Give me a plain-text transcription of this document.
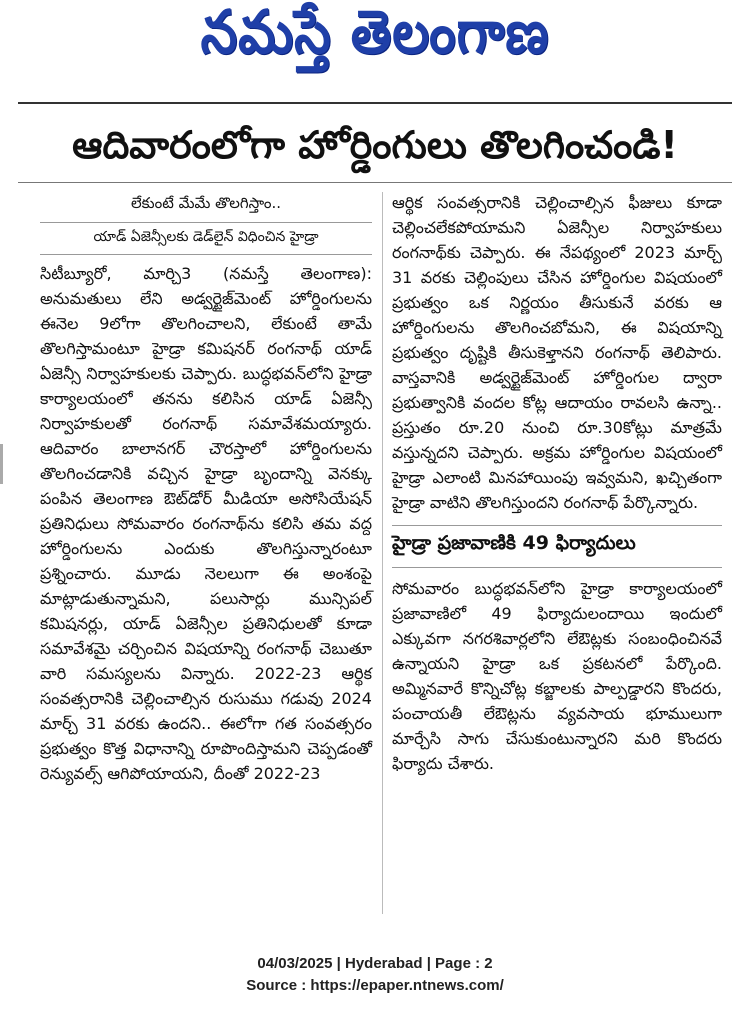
నమస్తే తెలంగాణ
ఆదివారంలోగా హోర్డింగులు తొలగించండి!
లేకుంటే మేమే తొలగిస్తాం..
యాడ్ ఏజెన్సీలకు డెడ్‌లైన్ విధించిన హైడ్రా

సిటీబ్యూరో, మార్చి3 (నమస్తే తెలంగాణ): అనుమతులు లేని అడ్వర్టైజ్‌మెంట్ హోర్డింగులను ఈనెల 9లోగా తొలగించాలని, లేకుంటే తామే తొలగిస్తామంటూ హైడ్రా కమిషనర్ రంగనాథ్ యాడ్ ఏజెన్సీ నిర్వాహకులకు చెప్పారు. బుద్ధభవన్‌లోని హైడ్రా కార్యాలయంలో తనను కలిసిన యాడ్ ఏజెన్సీ నిర్వాహకులతో రంగనాథ్ సమావేశమయ్యారు. ఆదివారం బాలానగర్ చౌరస్తాలో హోర్డింగులను తొలగించడానికి వచ్చిన హైడ్రా బృందాన్ని వెనక్కు పంపిన తెలంగాణ ఔట్‌డోర్ మీడియా అసోసియేషన్ ప్రతినిధులు సోమవారం రంగనాథ్‌ను కలిసి తమ వద్ద హోర్డింగులను ఎందుకు తొలగిస్తున్నారంటూ ప్రశ్నించారు. మూడు నెలలుగా ఈ అంశంపై మాట్లాడుతున్నామని, పలుసార్లు మున్సిపల్ కమిషనర్లు, యాడ్ ఏజెన్సీల ప్రతినిధులతో కూడా సమావేశమై చర్చించిన విషయాన్ని రంగనాథ్ చెబుతూ వారి సమస్యలను విన్నారు. 2022-23 ఆర్థిక సంవత్సరానికి చెల్లించాల్సిన రుసుము గడువు 2024 మార్చ్ 31 వరకు ఉందని.. ఈలోగా గత సంవత్సరం ప్రభుత్వం కొత్త విధానాన్ని రూపొందిస్తామని చెప్పడంతో రెన్యువల్స్ ఆగిపోయాయని, దీంతో 2022-23

ఆర్థిక సంవత్సరానికి చెల్లించాల్సిన ఫీజులు కూడా చెల్లించలేకపోయామని ఏజెన్సీల నిర్వాహకులు రంగనాథ్‌కు చెప్పారు. ఈ నేపథ్యంలో 2023 మార్చ్ 31 వరకు చెల్లింపులు చేసిన హోర్డింగుల విషయంలో ప్రభుత్వం ఒక నిర్ణయం తీసుకునే వరకు ఆ హోర్డింగులను తొలగించబోమని, ఈ విషయాన్ని ప్రభుత్వం దృష్టికి తీసుకెళ్తానని రంగనాథ్ తెలిపారు. వాస్తవానికి అడ్వర్టైజ్‌మెంట్ హోర్డింగుల ద్వారా ప్రభుత్వానికి వందల కోట్ల ఆదాయం రావలసి ఉన్నా.. ప్రస్తుతం రూ.20 నుంచి రూ.30కోట్లు మాత్రమే వస్తున్నదని చెప్పారు. అక్రమ హోర్డింగుల విషయంలో హైడ్రా ఎలాంటి మినహాయింపు ఇవ్వమని, ఖచ్చితంగా హైడ్రా వాటిని తొలగిస్తుందని రంగనాథ్ పేర్కొన్నారు.

హైడ్రా ప్రజావాణికి 49 ఫిర్యాదులు

సోమవారం బుద్ధభవన్‌లోని హైడ్రా కార్యాలయంలో ప్రజావాణిలో 49 ఫిర్యాదులందాయి ఇందులో ఎక్కువగా నగరశివార్లలోని లేఔట్లకు సంబంధించినవే ఉన్నాయని హైడ్రా ఒక ప్రకటనలో పేర్కొంది. అమ్మినవారే కొన్నిచోట్ల కబ్జాలకు పాల్పడ్డారని కొందరు, పంచాయతీ లేఔట్లను వ్యవసాయ భూములుగా మార్చేసి సాగు చేసుకుంటున్నారని మరి కొందరు ఫిర్యాదు చేశారు.

04/03/2025 | Hyderabad | Page : 2
Source : https://epaper.ntnews.com/
